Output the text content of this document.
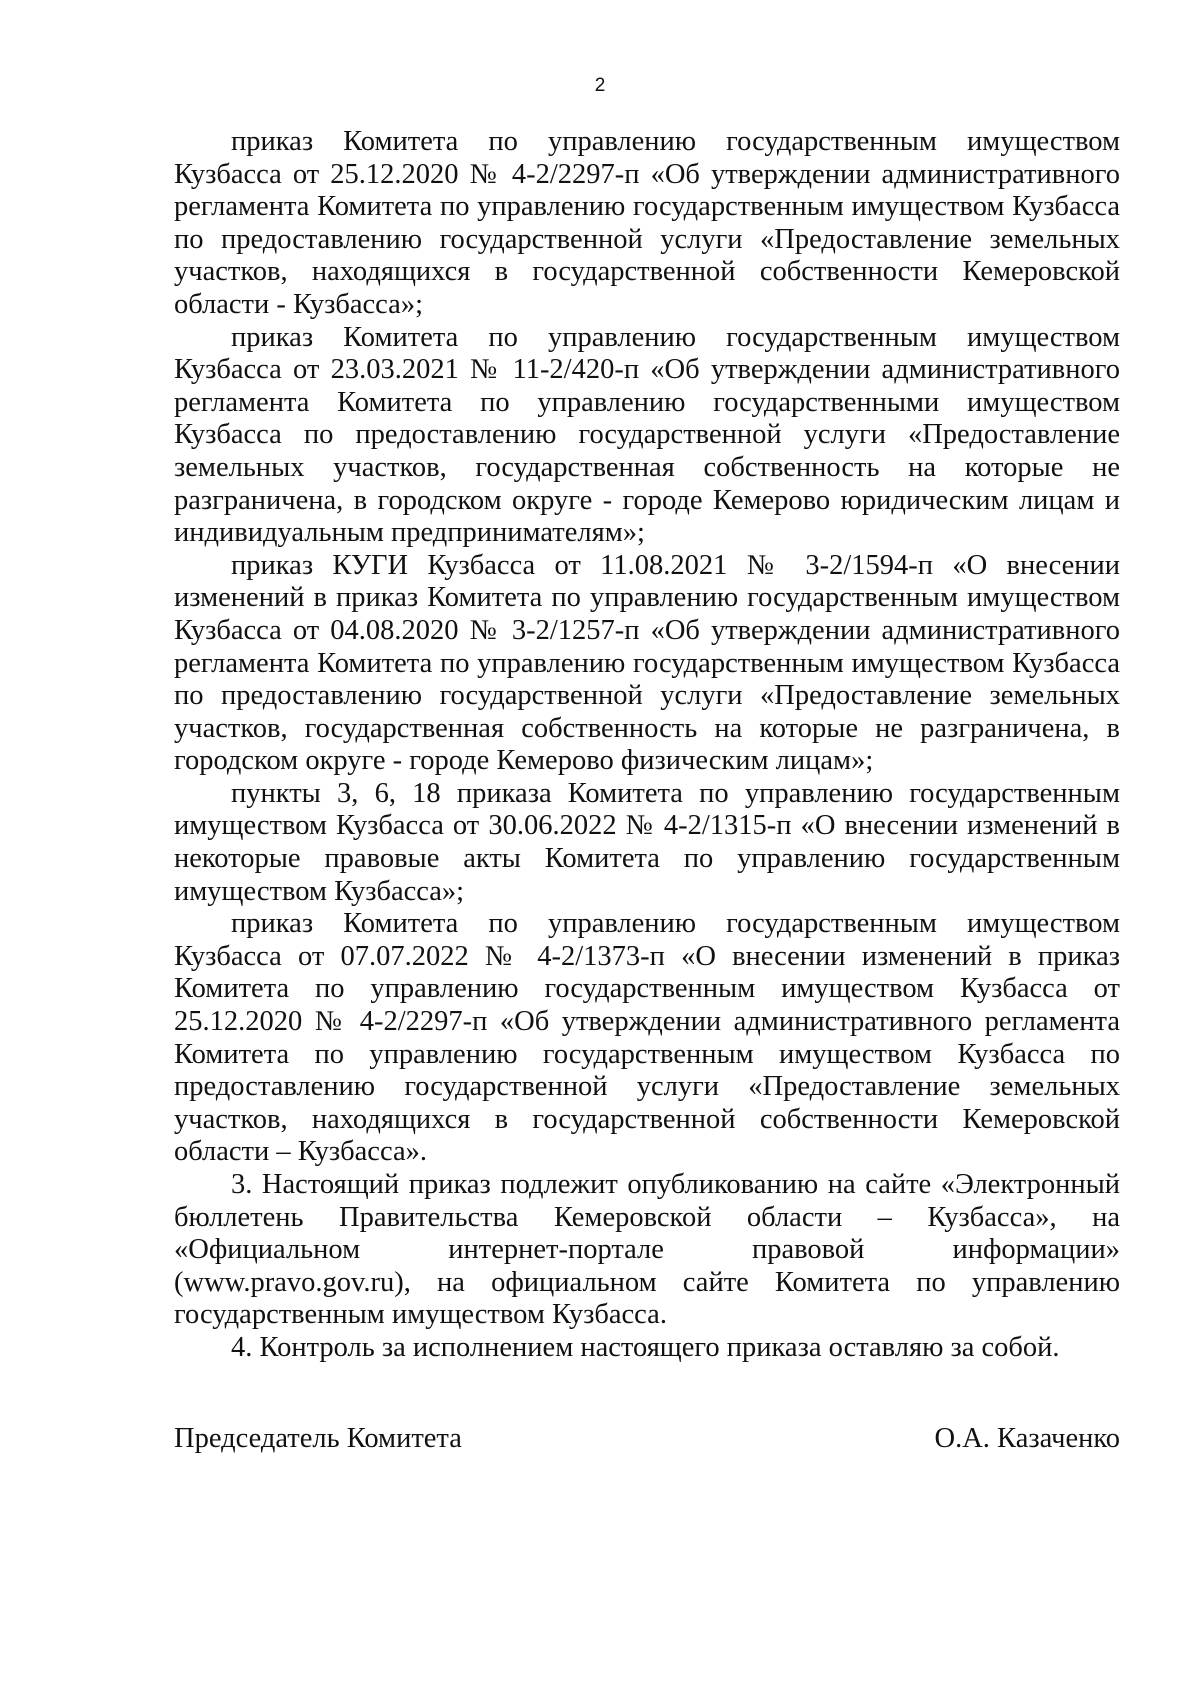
2

приказ Комитета по управлению государственным имуществом Кузбасса от 25.12.2020 № 4-2/2297-п «Об утверждении административного регламента Комитета по управлению государственным имуществом Кузбасса по предоставлению государственной услуги «Предоставление земельных участков, находящихся в государственной собственности Кемеровской области - Кузбасса»;

приказ Комитета по управлению государственным имуществом Кузбасса от 23.03.2021 № 11-2/420-п «Об утверждении административного регламента Комитета по управлению государственными имуществом Кузбасса по предоставлению государственной услуги «Предоставление земельных участков, государственная собственность на которые не разграничена, в городском округе - городе Кемерово юридическим лицам и индивидуальным предпринимателям»;

приказ КУГИ Кузбасса от 11.08.2021 № 3-2/1594-п «О внесении изменений в приказ Комитета по управлению государственным имуществом Кузбасса от 04.08.2020 № 3-2/1257-п «Об утверждении административного регламента Комитета по управлению государственным имуществом Кузбасса по предоставлению государственной услуги «Предоставление земельных участков, государственная собственность на которые не разграничена, в городском округе - городе Кемерово физическим лицам»;

пункты 3, 6, 18 приказа Комитета по управлению государственным имуществом Кузбасса от 30.06.2022 № 4-2/1315-п «О внесении изменений в некоторые правовые акты Комитета по управлению государственным имуществом Кузбасса»;

приказ Комитета по управлению государственным имуществом Кузбасса от 07.07.2022 № 4-2/1373-п «О внесении изменений в приказ Комитета по управлению государственным имуществом Кузбасса от 25.12.2020 № 4-2/2297-п «Об утверждении административного регламента Комитета по управлению государственным имуществом Кузбасса по предоставлению государственной услуги «Предоставление земельных участков, находящихся в государственной собственности Кемеровской области – Кузбасса».

3. Настоящий приказ подлежит опубликованию на сайте «Электронный бюллетень Правительства Кемеровской области – Кузбасса», на «Официальном интернет-портале правовой информации» (www.pravo.gov.ru), на официальном сайте Комитета по управлению государственным имуществом Кузбасса.

4. Контроль за исполнением настоящего приказа оставляю за собой.

Председатель Комитета	О.А. Казаченко
